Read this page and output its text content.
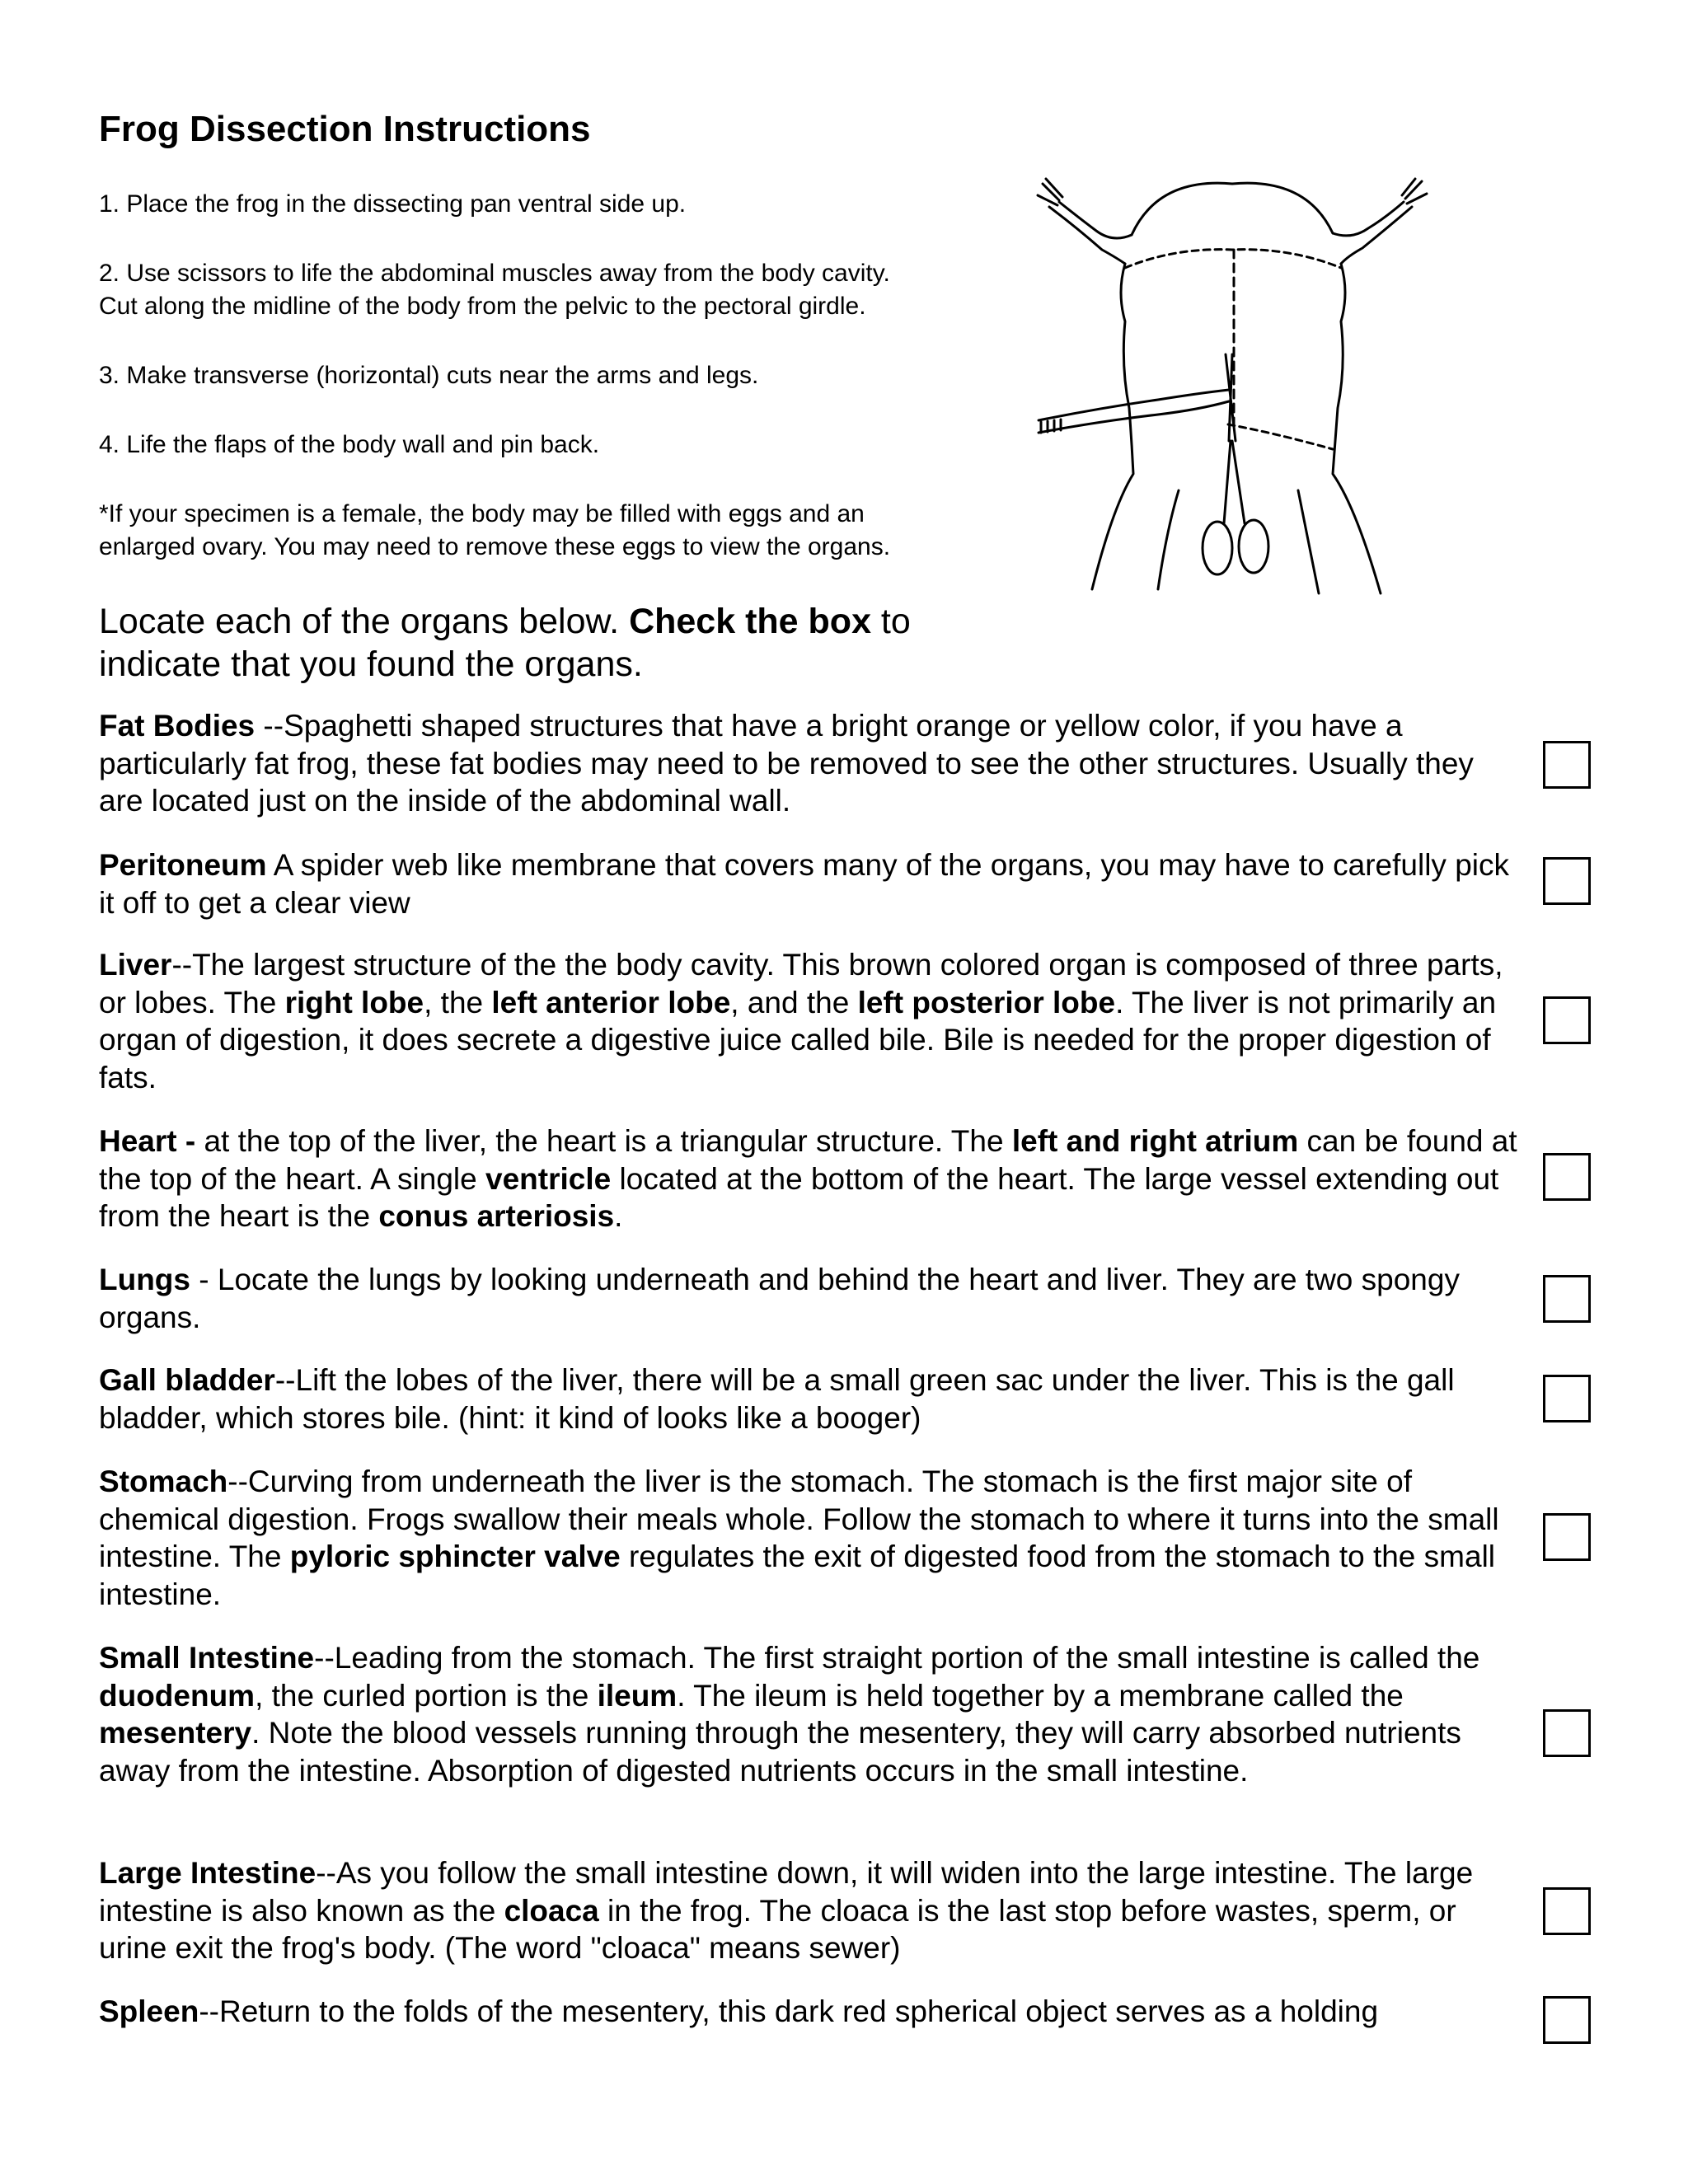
Frog Dissection Instructions
1. Place the frog in the dissecting pan ventral side up.
2. Use scissors to life the abdominal muscles away from the body cavity.
Cut along the midline of the body from the pelvic to the pectoral girdle.
3. Make transverse (horizontal) cuts near the arms and legs.
4. Life the flaps of the body wall and pin back.
*If your specimen is a female, the body may be filled with eggs and an
enlarged ovary. You may need to remove these eggs to view the organs.
Locate each of the organs below. Check the box to
indicate that you found the organs.
Fat Bodies --Spaghetti shaped structures that have a bright orange or yellow color, if you have a particularly fat frog, these fat bodies may need to be removed to see the other structures. Usually they are located just on the inside of the abdominal wall.
Peritoneum A spider web like membrane that covers many of the organs, you may have to carefully pick it off to get a clear view
Liver--The largest structure of the the body cavity. This brown colored organ is composed of three parts, or lobes. The right lobe, the left anterior lobe, and the left posterior lobe. The liver is not primarily an organ of digestion, it does secrete a digestive juice called bile. Bile is needed for the proper digestion of fats.
Heart - at the top of the liver, the heart is a triangular structure. The left and right atrium can be found at the top of the heart. A single ventricle located at the bottom of the heart. The large vessel extending out from the heart is the conus arteriosis.
Lungs - Locate the lungs by looking underneath and behind the heart and liver. They are two spongy organs.
Gall bladder--Lift the lobes of the liver, there will be a small green sac under the liver. This is the gall bladder, which stores bile. (hint: it kind of looks like a booger)
Stomach--Curving from underneath the liver is the stomach. The stomach is the first major site of chemical digestion. Frogs swallow their meals whole. Follow the stomach to where it turns into the small intestine. The pyloric sphincter valve regulates the exit of digested food from the stomach to the small intestine.
Small Intestine--Leading from the stomach. The first straight portion of the small intestine is called the duodenum, the curled portion is the ileum. The ileum is held together by a membrane called the mesentery. Note the blood vessels running through the mesentery, they will carry absorbed nutrients away from the intestine. Absorption of digested nutrients occurs in the small intestine.
Large Intestine--As you follow the small intestine down, it will widen into the large intestine. The large intestine is also known as the cloaca in the frog. The cloaca is the last stop before wastes, sperm, or urine exit the frog's body. (The word "cloaca" means sewer)
Spleen--Return to the folds of the mesentery, this dark red spherical object serves as a holding
